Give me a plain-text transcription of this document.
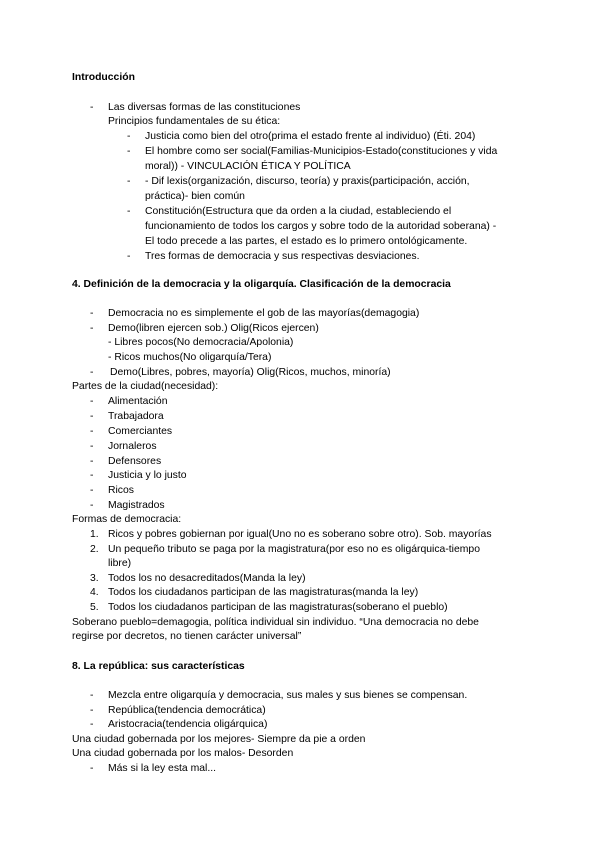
Introducción
- Las diversas formas de las constituciones
Principios fundamentales de su ética:
- Justicia como bien del otro(prima el estado frente al individuo) (Éti. 204)
- El hombre como ser social(Familias-Municipios-Estado(constituciones y vida
moral)) - VINCULACIÓN ÉTICA Y POLÍTICA
- - Dif lexis(organización, discurso, teoría) y praxis(participación, acción,
práctica)- bien común
- Constitución(Estructura que da orden a la ciudad, estableciendo el
funcionamiento de todos los cargos y sobre todo de la autoridad soberana) -
El todo precede a las partes, el estado es lo primero ontológicamente.
- Tres formas de democracia y sus respectivas desviaciones.
4. Definición de la democracia y la oligarquía. Clasificación de la democracia
- Democracia no es simplemente el gob de las mayorías(demagogia)
- Demo(libren ejercen sob.) Olig(Ricos ejercen)
- Libres pocos(No democracia/Apolonia)
- Ricos muchos(No oligarquía/Tera)
- Demo(Libres, pobres, mayoría) Olig(Ricos, muchos, minoría)
Partes de la ciudad(necesidad):
- Alimentación
- Trabajadora
- Comerciantes
- Jornaleros
- Defensores
- Justicia y lo justo
- Ricos
- Magistrados
Formas de democracia:
1. Ricos y pobres gobiernan por igual(Uno no es soberano sobre otro). Sob. mayorías
2. Un pequeño tributo se paga por la magistratura(por eso no es oligárquica-tiempo
libre)
3. Todos los no desacreditados(Manda la ley)
4. Todos los ciudadanos participan de las magistraturas(manda la ley)
5. Todos los ciudadanos participan de las magistraturas(soberano el pueblo)
Soberano pueblo=demagogia, política individual sin individuo. “Una democracia no debe
regirse por decretos, no tienen carácter universal”
8. La república: sus características
- Mezcla entre oligarquía y democracia, sus males y sus bienes se compensan.
- República(tendencia democrática)
- Aristocracia(tendencia oligárquica)
Una ciudad gobernada por los mejores- Siempre da pie a orden
Una ciudad gobernada por los malos- Desorden
- Más si la ley esta mal...
